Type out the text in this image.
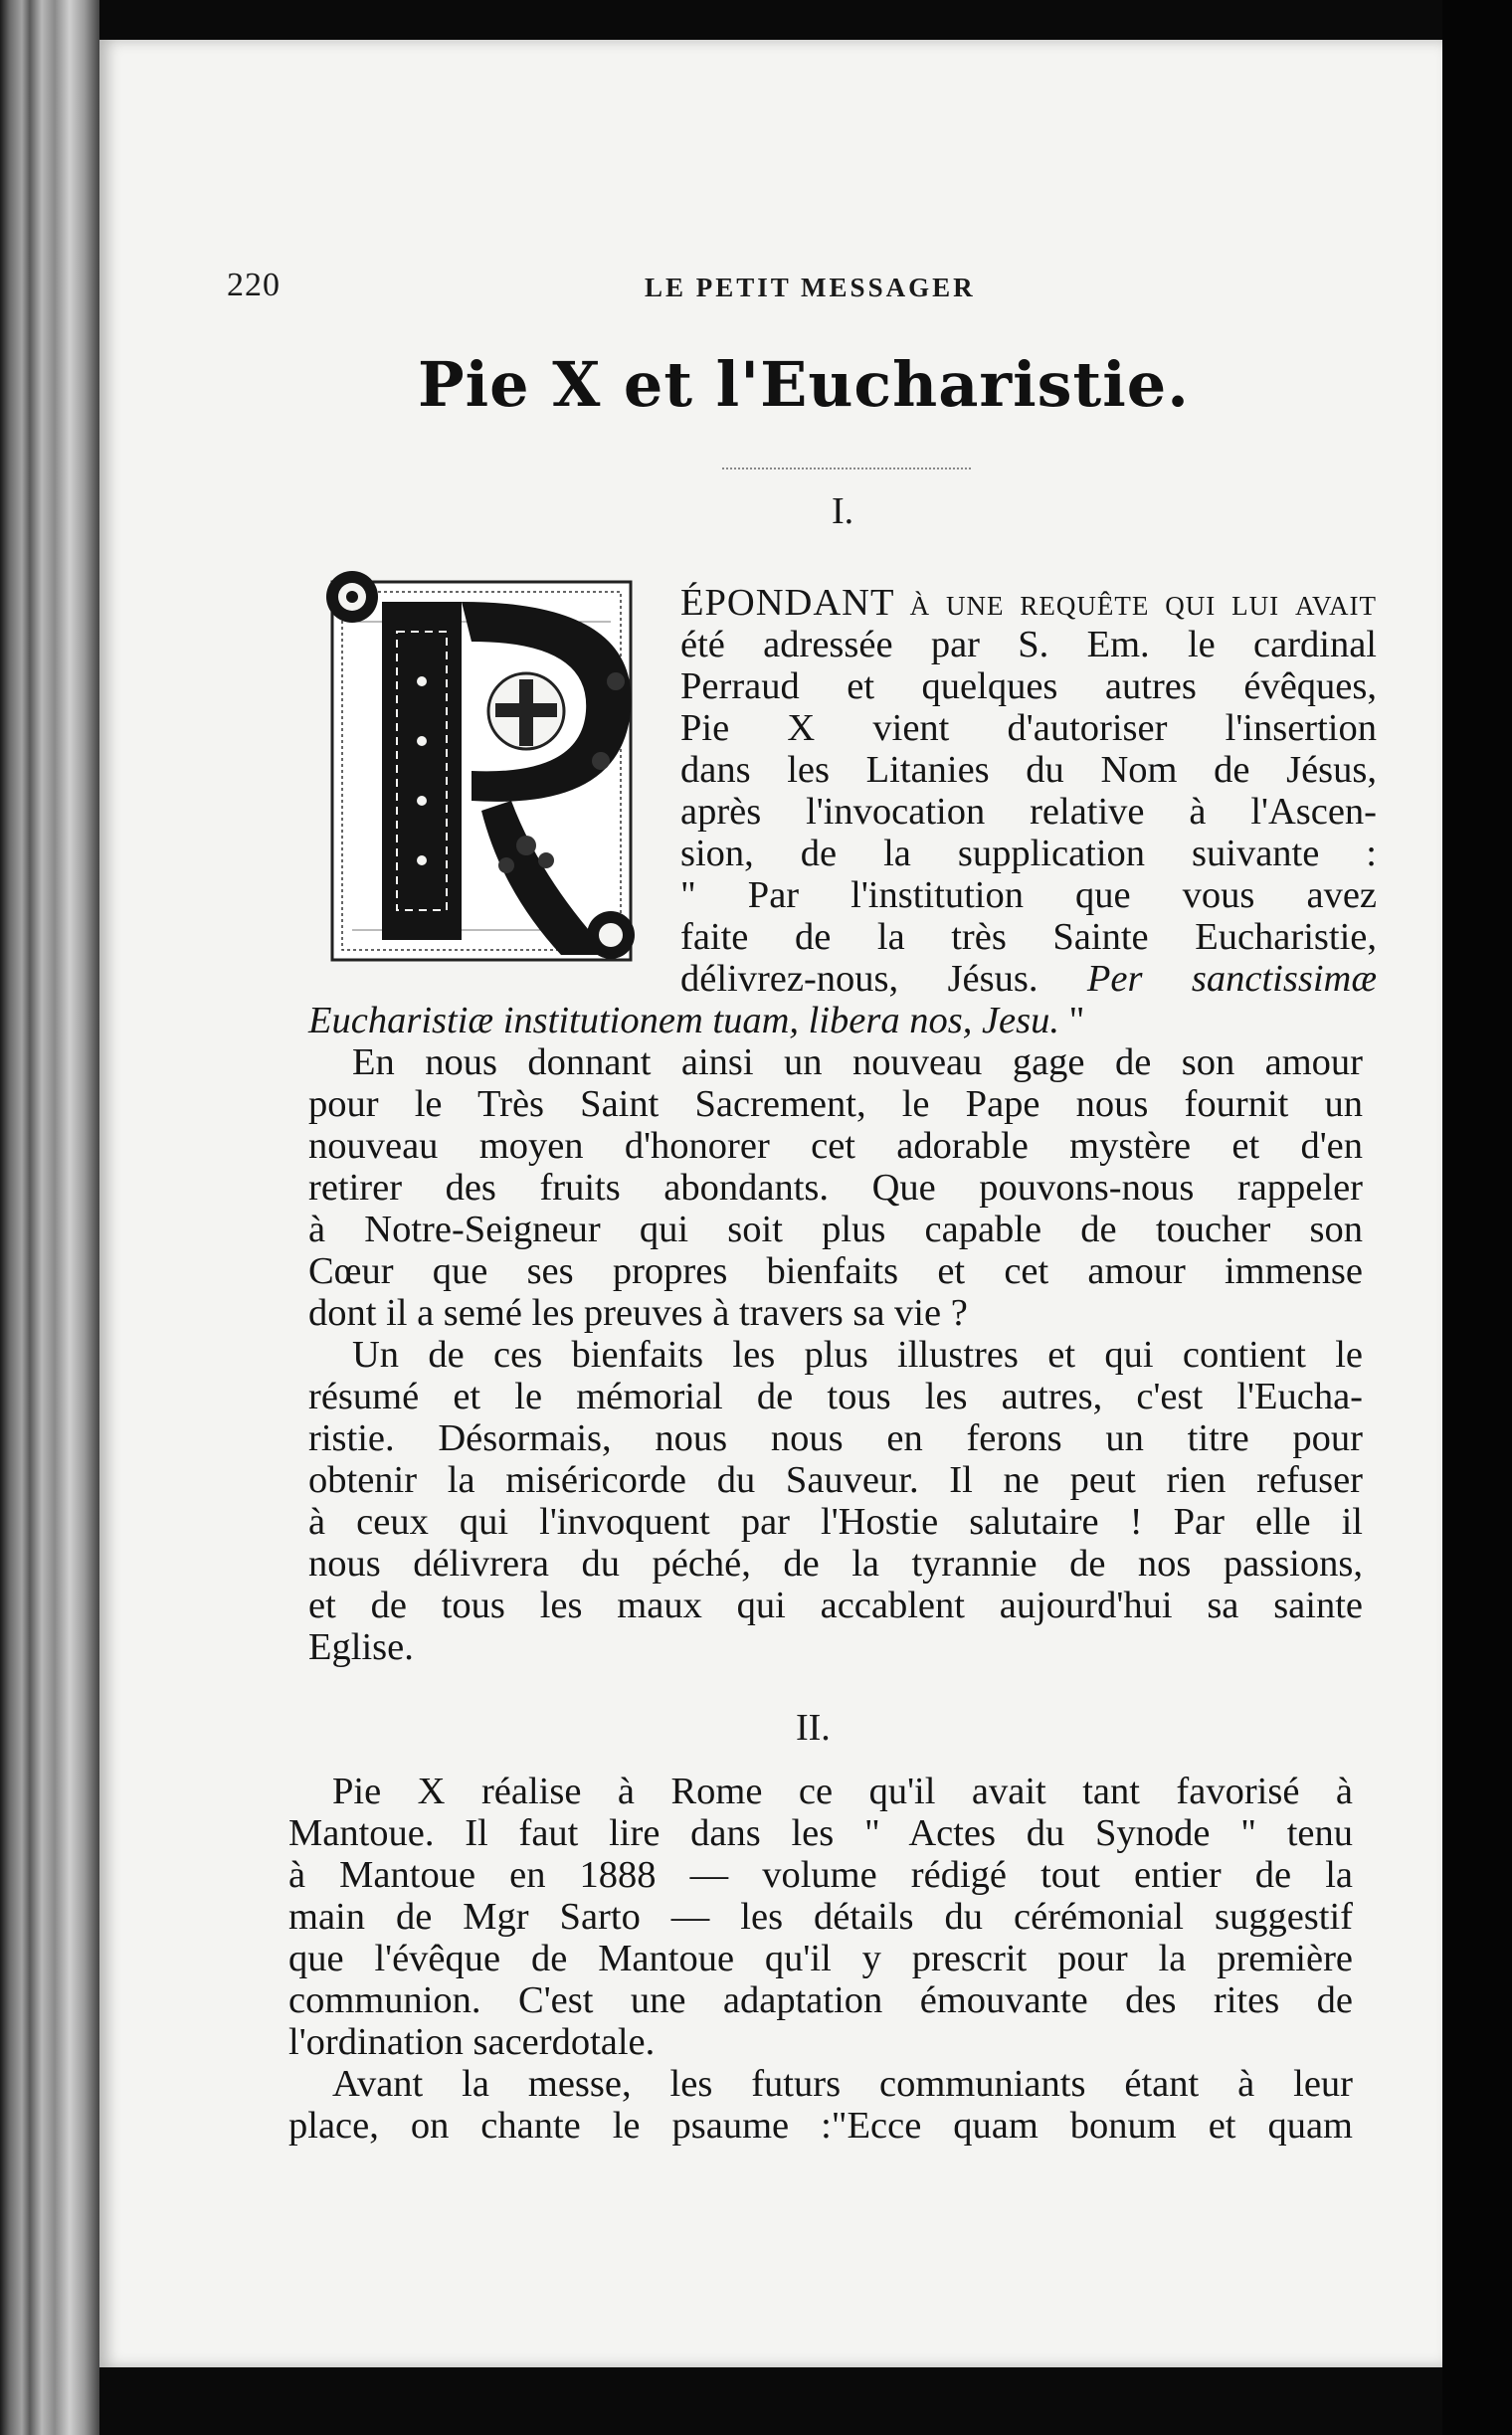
220	LE PETIT MESSAGER
Pie X et l'Eucharistie.
I.
ÉPONDANT à une requête qui lui avait
été adressée par S. Em. le cardinal
Perraud et quelques autres évêques,
Pie X vient d'autoriser l'insertion
dans les Litanies du Nom de Jésus,
après l'invocation relative à l'Ascen-
sion, de la supplication suivante :
" Par l'institution que vous avez
faite de la très Sainte Eucharistie,
délivrez-nous, Jésus. Per sanctissimæ
Eucharistiæ institutionem tuam, libera nos, Jesu. "
En nous donnant ainsi un nouveau gage de son amour
pour le Très Saint Sacrement, le Pape nous fournit un
nouveau moyen d'honorer cet adorable mystère et d'en
retirer des fruits abondants. Que pouvons-nous rappeler
à Notre-Seigneur qui soit plus capable de toucher son
Cœur que ses propres bienfaits et cet amour immense
dont il a semé les preuves à travers sa vie ?
Un de ces bienfaits les plus illustres et qui contient le
résumé et le mémorial de tous les autres, c'est l'Eucha-
ristie. Désormais, nous nous en ferons un titre pour
obtenir la miséricorde du Sauveur. Il ne peut rien refuser
à ceux qui l'invoquent par l'Hostie salutaire ! Par elle il
nous délivrera du péché, de la tyrannie de nos passions,
et de tous les maux qui accablent aujourd'hui sa sainte
Eglise.
II.
Pie X réalise à Rome ce qu'il avait tant favorisé à
Mantoue. Il faut lire dans les " Actes du Synode " tenu
à Mantoue en 1888 — volume rédigé tout entier de la
main de Mgr Sarto — les détails du cérémonial suggestif
que l'évêque de Mantoue qu'il y prescrit pour la première
communion. C'est une adaptation émouvante des rites de
l'ordination sacerdotale.
Avant la messe, les futurs communiants étant à leur
place, on chante le psaume :"Ecce quam bonum et quam
